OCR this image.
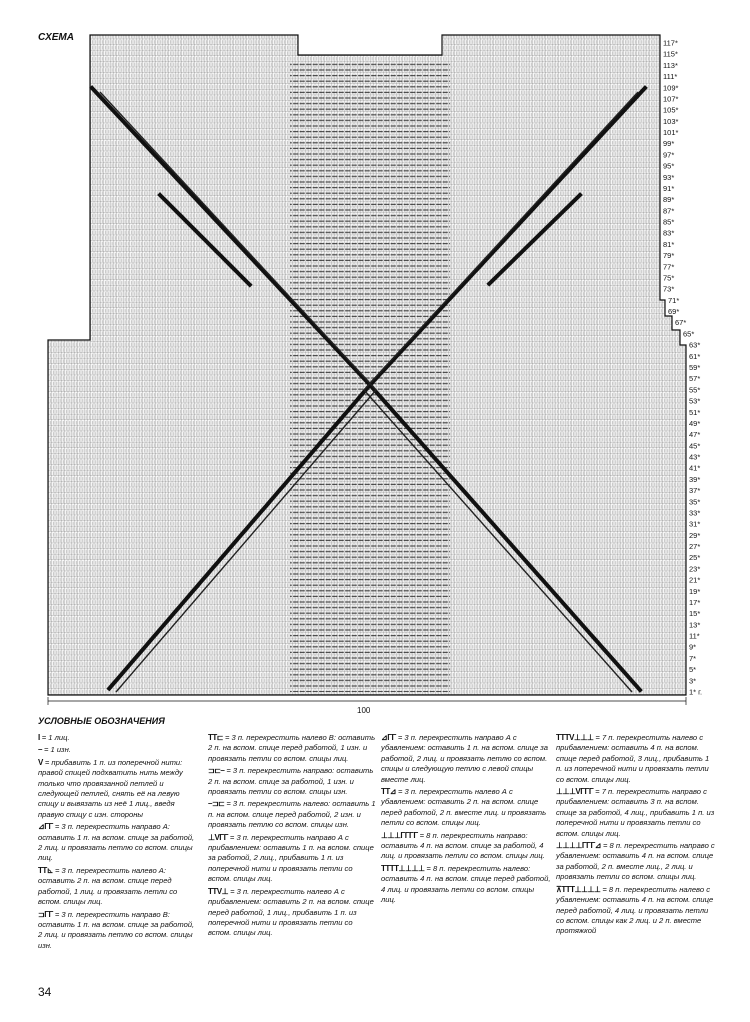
СХЕМА	117*
115*
113*
111*
109*
107*
105*
103*
101*
99*
97*
95*
93*
91*
89*
87*
85*
83*
81*
79*
77*
75*
73*
71*
69*
67*
65*
63*
61*
59*
57*
55*
53*
51*
49*
47*
45*
43*
41*
39*
37*
35*
33*
31*
29*
27*
25*
23*
21*
19*
17*
15*
13*
11*
9*
7*
5*
3*
1* г.
100
УСЛОВНЫЕ ОБОЗНАЧЕНИЯ
I = 1 лиц.
– = 1 изн.
V = прибавить 1 п. из поперечной нити: правой спицей подхватить нить между только что провязанной петлей и следующей петлей, снять её на левую спицу и вывязать из неё 1 лиц., введя правую спицу с изн. стороны
⊿ΓΓ = 3 п. перекрестить направо А: оставить 1 п. на вспом. спице за работой, 2 лиц. и провязать петлю со вспом. спицы лиц.
ΤΤ⊾ = 3 п. перекрестить налево А: оставить 2 п. на вспом. спице перед работой, 1 лиц. и провязать петли со вспом. спицы лиц.
⊐ΓΓ = 3 п. перекрестить направо В: оставить 1 п. на вспом. спице за работой, 2 лиц. и провязать петлю со вспом. спицы изн.
ΤΤ⊏ = 3 п. перекрестить налево В: оставить 2 п. на вспом. спице перед работой, 1 изн. и провязать петли со вспом. спицы лиц.
⊐⊏– = 3 п. перекрестить направо: оставить 2 п. на вспом. спице за работой, 1 изн. и провязать петли со вспом. спицы изн.
–⊐⊏ = 3 п. перекрестить налево: оставить 1 п. на вспом. спице перед работой, 2 изн. и провязать петлю со вспом. спицы изн.
⊥VΓΓ = 3 п. перекрестить направо А с прибавлением: оставить 1 п. на вспом. спице за работой, 2 лиц., прибавить 1 п. из поперечной нити и провязать петли со вспом. спицы лиц.
ΤΤV⊥ = 3 п. перекрестить налево А с прибавлением: оставить 2 п. на вспом. спице перед работой, 1 лиц., прибавить 1 п. из поперечной нити и провязать петли со вспом. спицы лиц.
⊿ΓΓ = 3 п. перекрестить направо А с убавлением: оставить 1 п. на вспом. спице за работой, 2 лиц. и провязать петлю со вспом. спицы и следующую петлю с левой спицы вместе лиц.
ΤΤ⊿ = 3 п. перекрестить налево А с убавлением: оставить 2 п. на вспом. спице перед работой, 2 п. вместе лиц. и провязать петли со вспом. спицы лиц.
⊥⊥⊥ΓΓΓΓ = 8 п. перекрестить направо: оставить 4 п. на вспом. спице за работой, 4 лиц. и провязать петли со вспом. спицы лиц.
ΤΤΤΤ⊥⊥⊥⊥ = 8 п. перекрестить налево: оставить 4 п. на вспом. спице перед работой, 4 лиц. и провязать петли со вспом. спицы лиц.
ΤΤΤV⊥⊥⊥ = 7 п. перекрестить налево с прибавлением: оставить 4 п. на вспом. спице перед работой, 3 лиц., прибавить 1 п. из поперечной нити и провязать петли со вспом. спицы лиц.
⊥⊥⊥VΓΓΓ = 7 п. перекрестить направо с прибавлением: оставить 3 п. на вспом. спице за работой, 4 лиц., прибавить 1 п. из поперечной нити и провязать петли со вспом. спицы лиц.
⊥⊥⊥⊥ΓΓΓ⊿ = 8 п. перекрестить направо с убавлением: оставить 4 п. на вспом. спице за работой, 2 п. вместе лиц., 2 лиц. и провязать петли со вспом. спицы лиц.
⊼ΤΤΤ⊥⊥⊥⊥ = 8 п. перекрестить налево с убавлением: оставить 4 п. на вспом. спице перед работой, 4 лиц. и провязать петли со вспом. спицы как 2 лиц. и 2 п. вместе протяжкой
34
